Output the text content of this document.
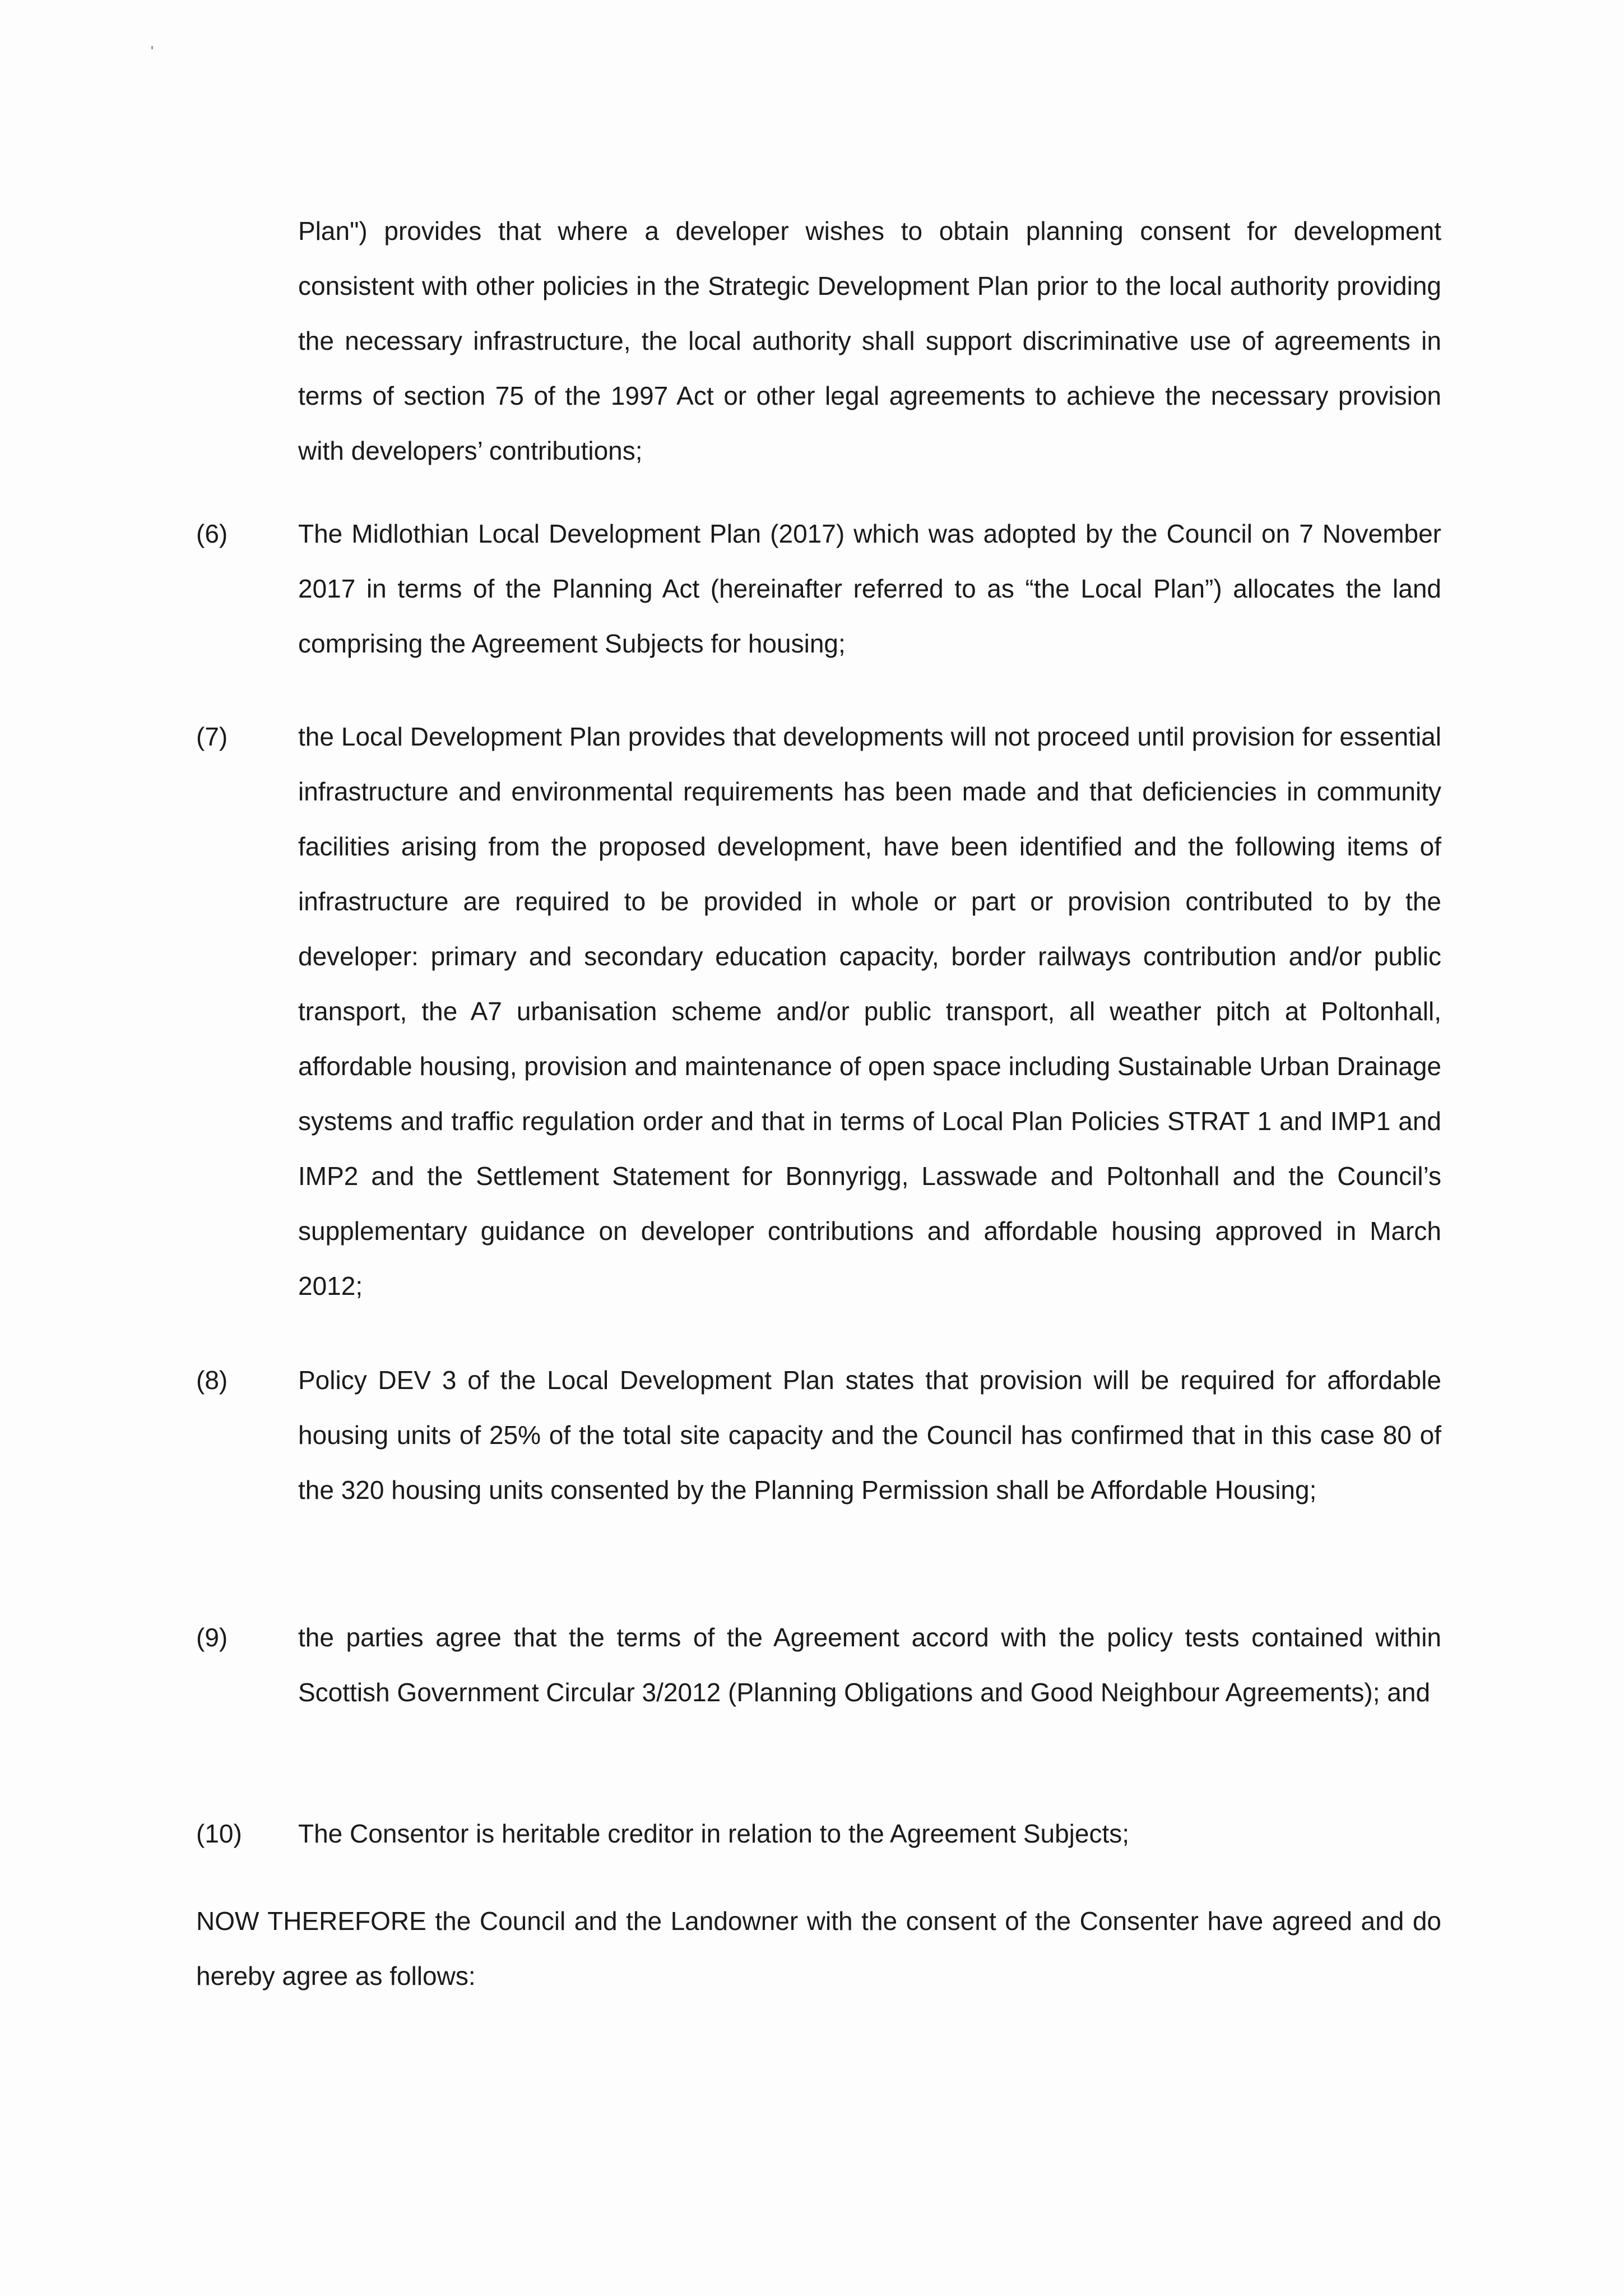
Plan") provides that where a developer wishes to obtain planning consent for development consistent with other policies in the Strategic Development Plan prior to the local authority providing the necessary infrastructure, the local authority shall support discriminative use of agreements in terms of section 75 of the 1997 Act or other legal agreements to achieve the necessary provision with developers’ contributions;

(6)	The Midlothian Local Development Plan (2017) which was adopted by the Council on 7 November 2017 in terms of the Planning Act (hereinafter referred to as “the Local Plan”) allocates the land comprising the Agreement Subjects for housing;

(7)	the Local Development Plan provides that developments will not proceed until provision for essential infrastructure and environmental requirements has been made and that deficiencies in community facilities arising from the proposed development, have been identified and the following items of infrastructure are required to be provided in whole or part or provision contributed to by the developer: primary and secondary education capacity, border railways contribution and/or public transport, the A7 urbanisation scheme and/or public transport, all weather pitch at Poltonhall, affordable housing, provision and maintenance of open space including Sustainable Urban Drainage systems and traffic regulation order and that in terms of Local Plan Policies STRAT 1 and IMP1 and IMP2 and the Settlement Statement for Bonnyrigg, Lasswade and Poltonhall and the Council’s supplementary guidance on developer contributions and affordable housing approved in March 2012;

(8)	Policy DEV 3 of the Local Development Plan states that provision will be required for affordable housing units of 25% of the total site capacity and the Council has confirmed that in this case 80 of the 320 housing units consented by the Planning Permission shall be Affordable Housing;

(9)	the parties agree that the terms of the Agreement accord with the policy tests contained within Scottish Government Circular 3/2012 (Planning Obligations and Good Neighbour Agreements); and

(10) The Consentor is heritable creditor in relation to the Agreement Subjects;

NOW THEREFORE the Council and the Landowner with the consent of the Consenter have agreed and do hereby agree as follows:
